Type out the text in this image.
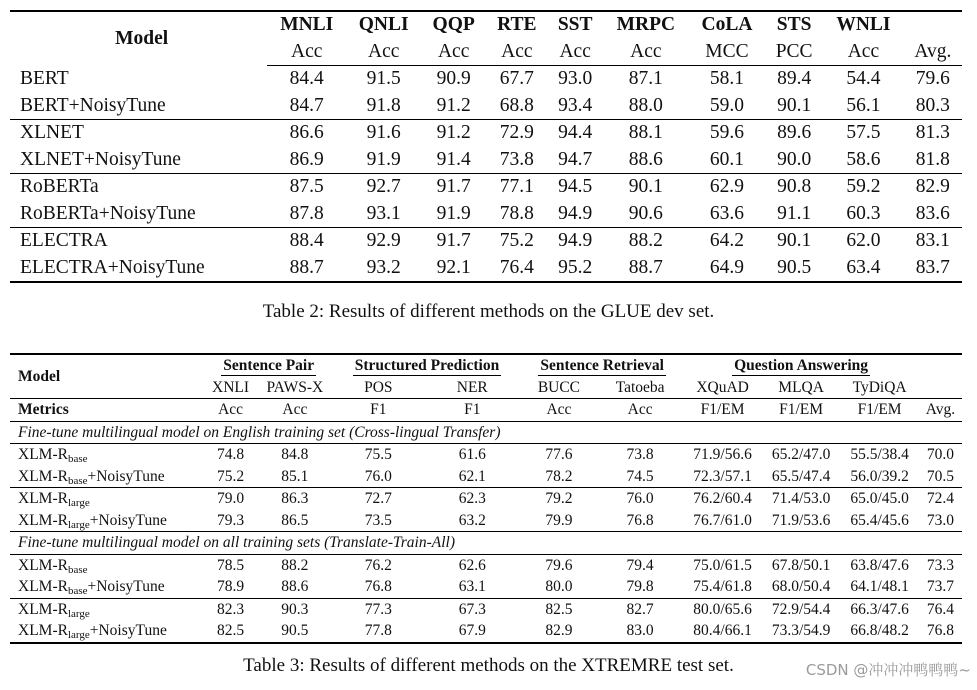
Model	MNLI	QNLI	QQP	RTE	SST	MRPC	CoLA	STS	WNLI	
	Acc	Acc	Acc	Acc	Acc	Acc	MCC	PCC	Acc	Avg.
BERT	84.4	91.5	90.9	67.7	93.0	87.1	58.1	89.4	54.4	79.6
BERT+NoisyTune	84.7	91.8	91.2	68.8	93.4	88.0	59.0	90.1	56.1	80.3
XLNET	86.6	91.6	91.2	72.9	94.4	88.1	59.6	89.6	57.5	81.3
XLNET+NoisyTune	86.9	91.9	91.4	73.8	94.7	88.6	60.1	90.0	58.6	81.8
RoBERTa	87.5	92.7	91.7	77.1	94.5	90.1	62.9	90.8	59.2	82.9
RoBERTa+NoisyTune	87.8	93.1	91.9	78.8	94.9	90.6	63.6	91.1	60.3	83.6
ELECTRA	88.4	92.9	91.7	75.2	94.9	88.2	64.2	90.1	62.0	83.1
ELECTRA+NoisyTune	88.7	93.2	92.1	76.4	95.2	88.7	64.9	90.5	63.4	83.7
Table 2: Results of different methods on the GLUE dev set.
Model	Sentence Pair		Structured Prediction		Sentence Retrieval		Question Answering			
	XNLI	PAWS-X	POS	NER	BUCC	Tatoeba	XQuAD	MLQA	TyDiQA	
Metrics	Acc	Acc	F1	F1	Acc	Acc	F1/EM	F1/EM	F1/EM	Avg.
Fine-tune multilingual model on English training set (Cross-lingual Transfer)										
XLM-$R_{base}$	74.8	84.8	75.5	61.6	77.6	73.8	71.9/56.6	65.2/47.0	55.5/38.4	70.0
XLM-$R_{base}+NoisyTune$	75.2	85.1	76.0	62.1	78.2	74.5	72.3/57.1	65.5/47.4	56.0/39.2	70.5
XLM-$R_{large}$	79.0	86.3	72.7	62.3	79.2	76.0	76.2/60.4	71.4/53.0	65.0/45.0	72.4
XLM-$R_{large}+NoisyTune$	79.3	86.5	73.5	63.2	79.9	76.8	76.7/61.0	71.9/53.6	65.4/45.6	73.0
Fine-tune multilingual model on all training sets (Translate-Train-All)										
XLM-$R_{base}$	78.5	88.2	76.2	62.6	79.6	79.4	75.0/61.5	67.8/50.1	63.8/47.6	73.3
XLM-$R_{base}+NoisyTune$	78.9	88.6	76.8	63.1	80.0	79.8	75.4/61.8	68.0/50.4	64.1/48.1	73.7
XLM-$R_{large}$	82.3	90.3	77.3	67.3	82.5	82.7	80.0/65.6	72.9/54.4	66.3/47.6	76.4
XLM-$R_{large}+NoisyTune$	82.5	90.5	77.8	67.9	82.9	83.0	80.4/66.1	73.3/54.9	66.8/48.2	76.8
Table 3: Results of different methods on the XTREMRE test set.	CSDN @冲冲冲鸭鸭鸭~
